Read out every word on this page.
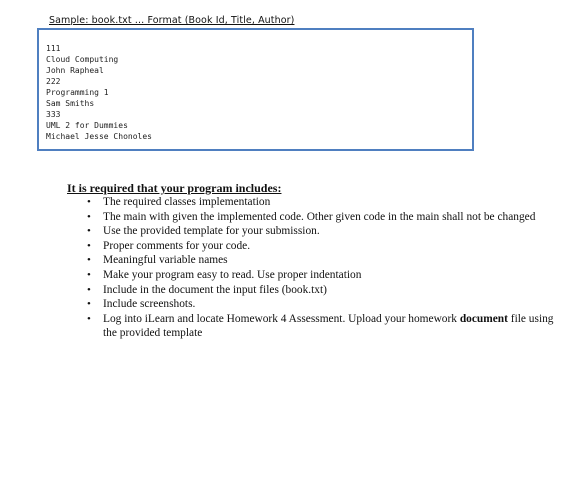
Sample: book.txt … Format (Book Id, Title, Author)
111
Cloud Computing
John Rapheal
222
Programming 1
Sam Smiths
333
UML 2 for Dummies
Michael Jesse Chonoles
It is required that your program includes:
• The required classes implementation
• The main with given the implemented code. Other given code in the main shall not be changed
• Use the provided template for your submission.
• Proper comments for your code.
• Meaningful variable names
• Make your program easy to read. Use proper indentation
• Include in the document the input files (book.txt)
• Include screenshots.
• Log into iLearn and locate Homework 4 Assessment. Upload your homework document file using the provided template
